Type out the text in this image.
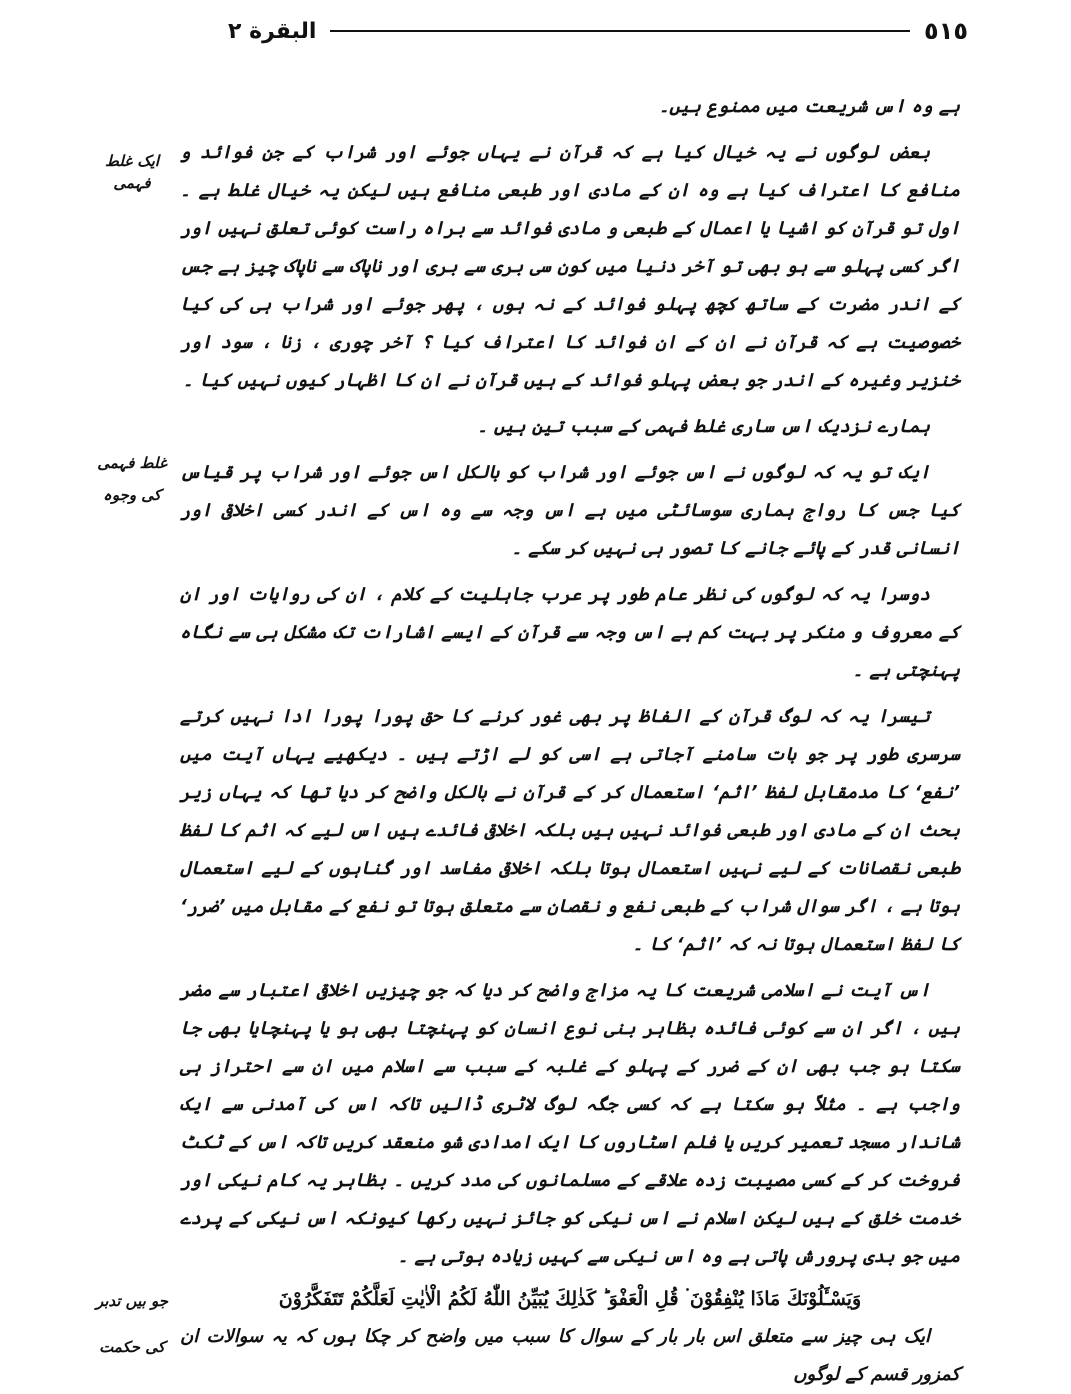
البقرة ٢	٥١٥
ایک غلط فہمی
غلط فہمی
کی وجوہ
جو بیں تدبر
کی حکمت

ہے وہ اس شریعت میں ممنوع ہیں۔

بعض لوگوں نے یہ خیال کیا ہے کہ قرآن نے یہاں جوئے اور شراب کے جن فوائد و منافع کا اعتراف کیا ہے وہ ان کے مادی اور طبعی منافع ہیں لیکن یہ خیال غلط ہے ۔ اول تو قرآن کو اشیا یا اعمال کے طبعی و مادی فوائد سے براہ راست کوئی تعلق نہیں اور اگر کسی پہلو سے ہو بھی تو آخر دنیا میں کون سی بری سے بری اور ناپاک سے ناپاک چیز ہے جس کے اندر مضرت کے ساتھ کچھ پہلو فوائد کے نہ ہوں ، پھر جوئے اور شراب ہی کی کیا خصوصیت ہے کہ قرآن نے ان کے ان فوائد کا اعتراف کیا ؟ آخر چوری ، زنا ، سود اور خنزیر وغیرہ کے اندر جو بعض پہلو فوائد کے ہیں قرآن نے ان کا اظہار کیوں نہیں کیا ۔

ہمارے نزدیک اس ساری غلط فہمی کے سبب تین ہیں ۔

ایک تو یہ کہ لوگوں نے اس جوئے اور شراب کو بالکل اس جوئے اور شراب پر قیاس کیا جس کا رواج ہماری سوسائٹی میں ہے اس وجہ سے وہ اس کے اندر کسی اخلاقی اور انسانی قدر کے پائے جانے کا تصور ہی نہیں کر سکے ۔

دوسرا یہ کہ لوگوں کی نظر عام طور پر عرب جاہلیت کے کلام ، ان کی روایات اور ان کے معروف و منکر پر بہت کم ہے اس وجہ سے قرآن کے ایسے اشارات تک مشکل ہی سے نگاہ پہنچتی ہے ۔

تیسرا یہ کہ لوگ قرآن کے الفاظ پر بھی غور کرنے کا حق پورا پورا ادا نہیں کرتے سرسری طور پر جو بات سامنے آجاتی ہے اسی کو لے اڑتے ہیں ۔ دیکھیے یہاں آیت میں ’نفع‘ کا مدمقابل لفظ ’اثم‘ استعمال کر کے قرآن نے بالکل واضح کر دیا تھا کہ یہاں زیر بحث ان کے مادی اور طبعی فوائد نہیں ہیں بلکہ اخلاقی فائدے ہیں اس لیے کہ اثم کا لفظ طبعی نقصانات کے لیے نہیں استعمال ہوتا بلکہ اخلاقی مفاسد اور گناہوں کے لیے استعمال ہوتا ہے ، اگر سوال شراب کے طبعی نفع و نقصان سے متعلق ہوتا تو نفع کے مقابل میں ’ضرر‘ کا لفظ استعمال ہوتا نہ کہ ’اثم‘ کا ۔

اس آیت نے اسلامی شریعت کا یہ مزاج واضح کر دیا کہ جو چیزیں اخلاقی اعتبار سے مضر ہیں ، اگر ان سے کوئی فائدہ بظاہر بنی نوع انسان کو پہنچتا بھی ہو یا پہنچایا بھی جا سکتا ہو جب بھی ان کے ضرر کے پہلو کے غلبہ کے سبب سے اسلام میں ان سے احتراز ہی واجب ہے ۔ مثلاً ہو سکتا ہے کہ کسی جگہ لوگ لاٹری ڈالیں تاکہ اس کی آمدنی سے ایک شاندار مسجد تعمیر کریں یا فلم اسٹاروں کا ایک امدادی شو منعقد کریں تاکہ اس کے ٹکٹ فروخت کر کے کسی مصیبت زدہ علاقے کے مسلمانوں کی مدد کریں ۔ بظاہر یہ کام نیکی اور خدمت خلق کے ہیں لیکن اسلام نے اس نیکی کو جائز نہیں رکھا کیونکہ اس نیکی کے پردے میں جو بدی پرورش پاتی ہے وہ اس نیکی سے کہیں زیادہ ہوتی ہے ۔

وَيَسْـَٔلُوْنَكَ مَاذَا يُنْفِقُوْنَ ۬ قُلِ الْعَفْوَ ؕ كَذٰلِكَ يُبَيِّنُ اللّٰهُ لَكُمُ الْاٰيٰتِ لَعَلَّكُمْ تَتَفَكَّرُوْنَ

ایک ہی چیز سے متعلق اس بار بار کے سوال کا سبب میں واضح کر چکا ہوں کہ یہ سوالات ان کمزور قسم کے لوگوں
